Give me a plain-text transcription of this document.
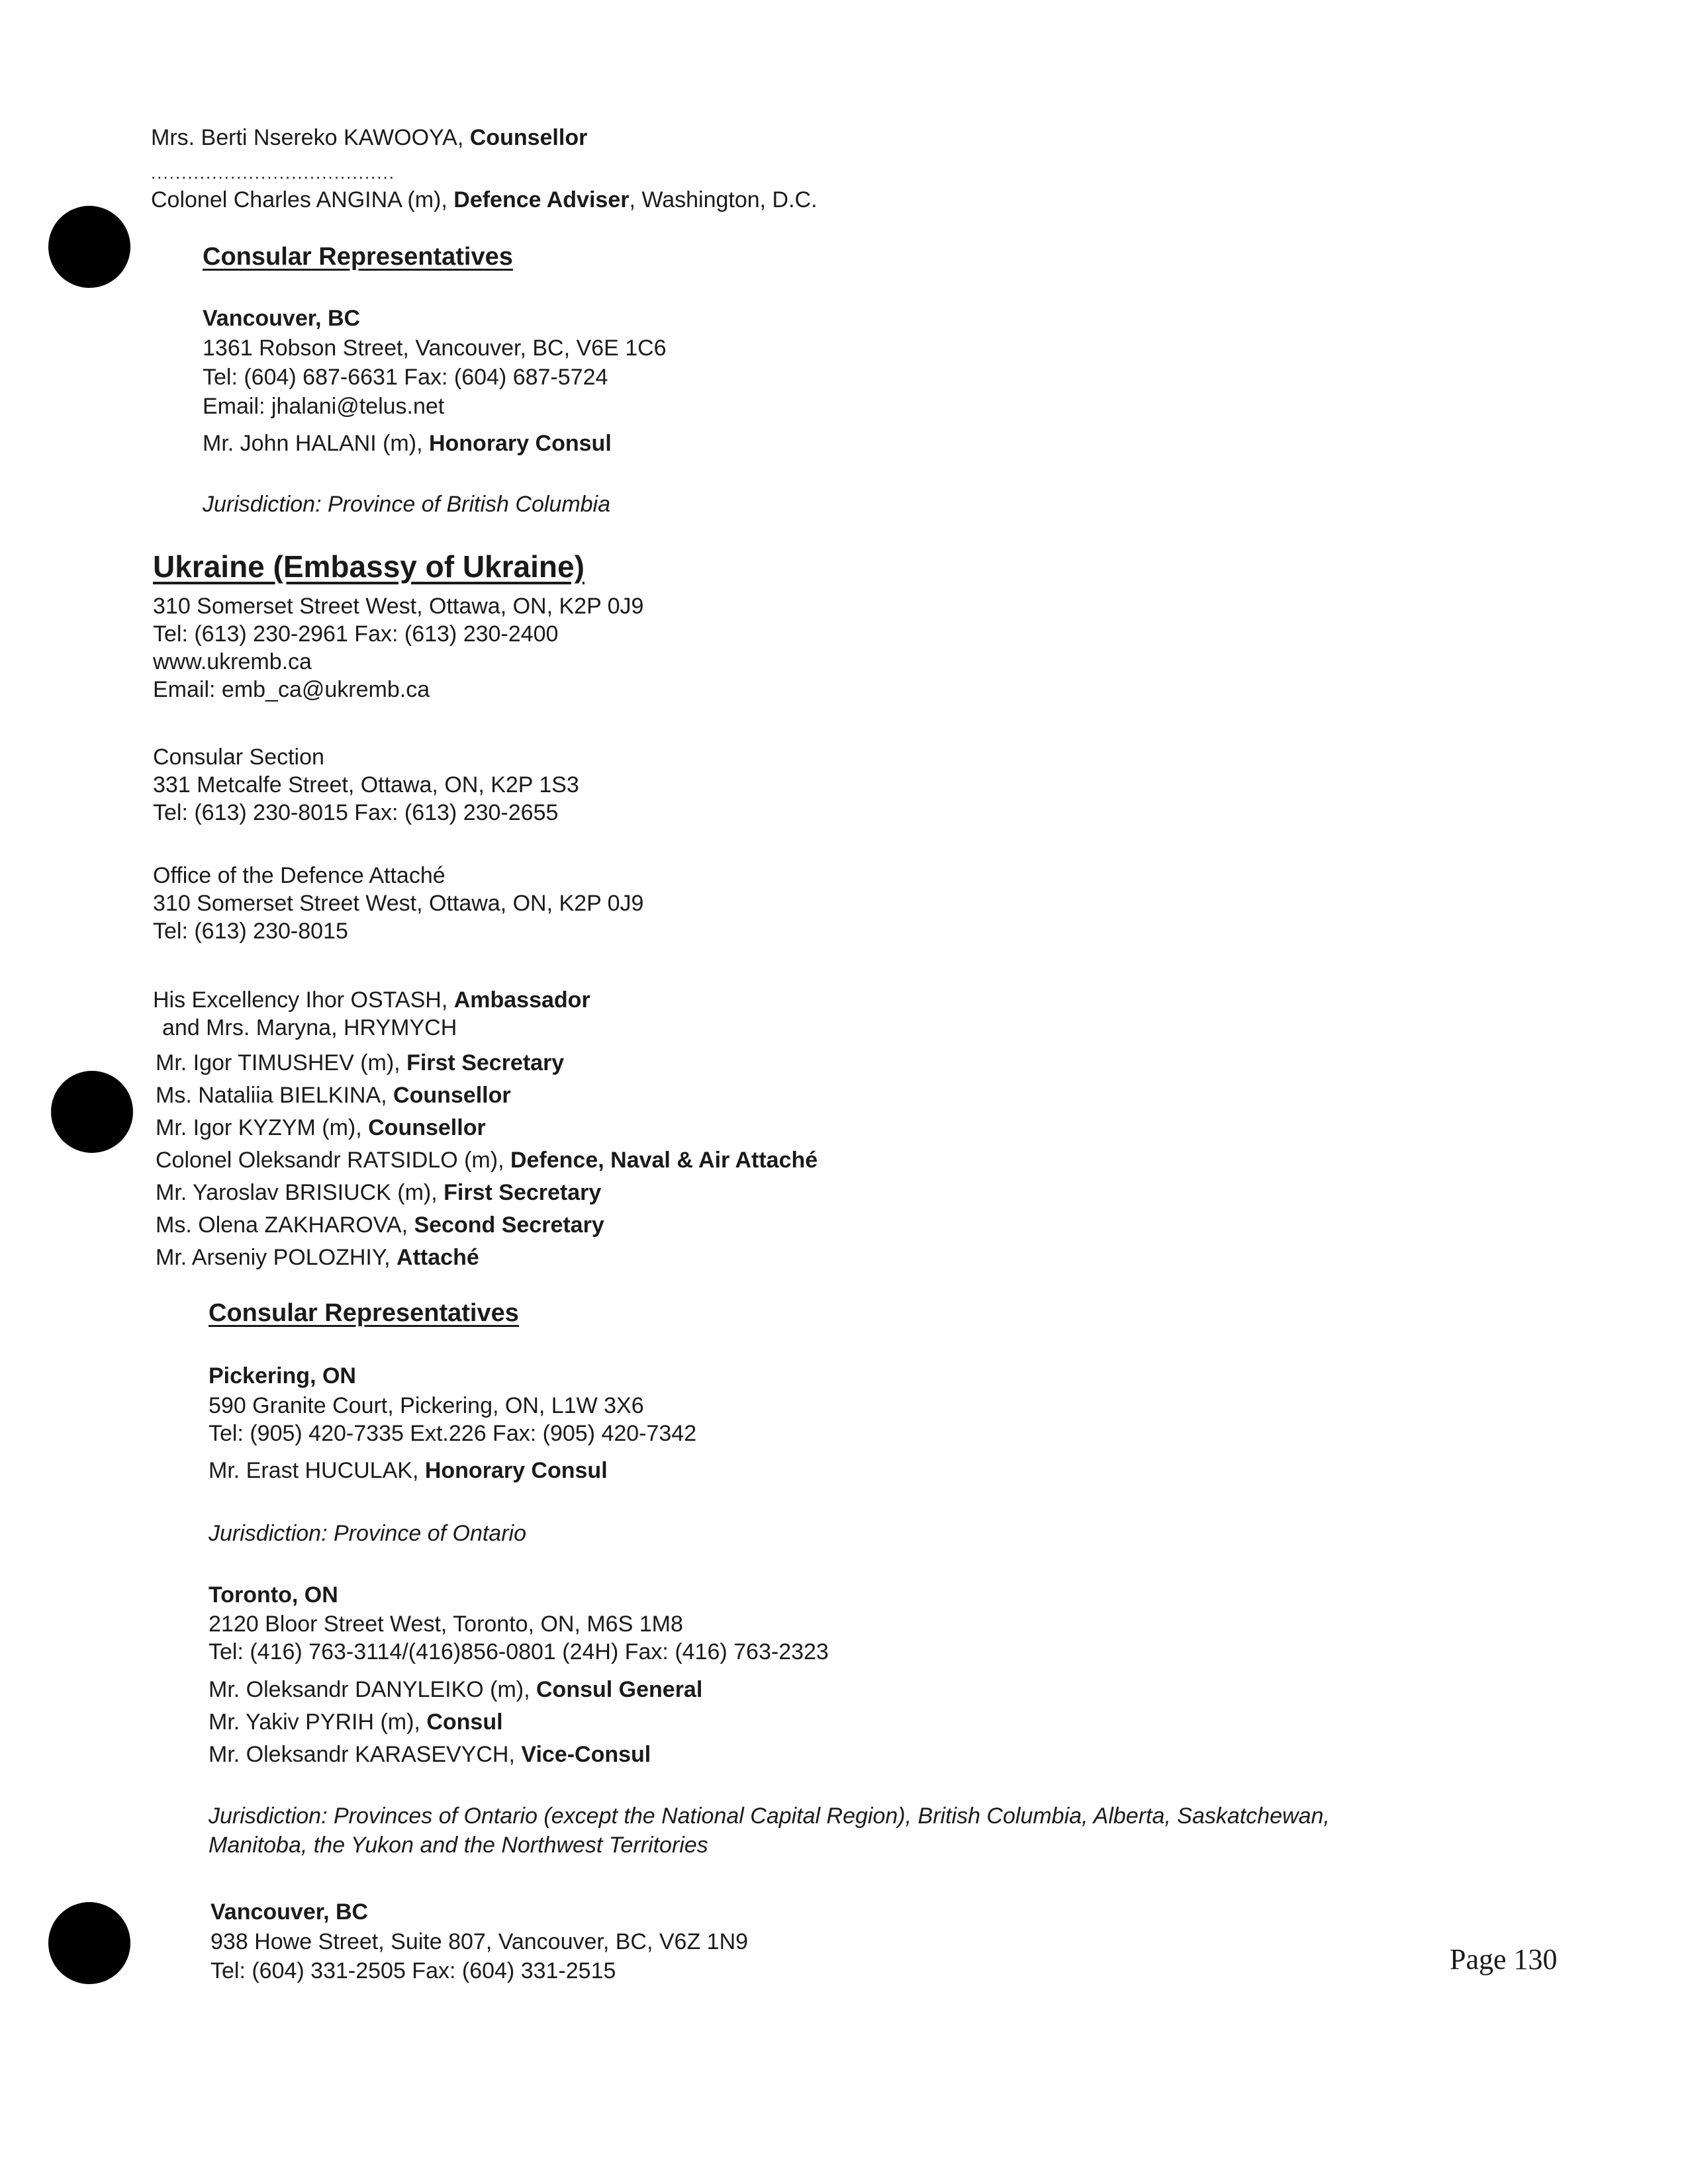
Mrs. Berti Nsereko KAWOOYA, Counsellor
........................................
Colonel Charles ANGINA (m), Defence Adviser, Washington, D.C.
Consular Representatives
Vancouver, BC
1361 Robson Street, Vancouver, BC, V6E 1C6
Tel: (604) 687-6631 Fax: (604) 687-5724
Email: jhalani@telus.net
Mr. John HALANI (m), Honorary Consul
Jurisdiction: Province of British Columbia
Ukraine (Embassy of Ukraine)
310 Somerset Street West, Ottawa, ON, K2P 0J9
Tel: (613) 230-2961 Fax: (613) 230-2400
www.ukremb.ca
Email: emb_ca@ukremb.ca
Consular Section
331 Metcalfe Street, Ottawa, ON, K2P 1S3
Tel: (613) 230-8015 Fax: (613) 230-2655
Office of the Defence Attaché
310 Somerset Street West, Ottawa, ON, K2P 0J9
Tel: (613) 230-8015
His Excellency Ihor OSTASH, Ambassador
and Mrs. Maryna, HRYMYCH
Mr. Igor TIMUSHEV (m), First Secretary
Ms. Nataliia BIELKINA, Counsellor
Mr. Igor KYZYM (m), Counsellor
Colonel Oleksandr RATSIDLO (m), Defence, Naval & Air Attaché
Mr. Yaroslav BRISIUCK (m), First Secretary
Ms. Olena ZAKHAROVA, Second Secretary
Mr. Arseniy POLOZHIY, Attaché
Consular Representatives
Pickering, ON
590 Granite Court, Pickering, ON, L1W 3X6
Tel: (905) 420-7335 Ext.226 Fax: (905) 420-7342
Mr. Erast HUCULAK, Honorary Consul
Jurisdiction: Province of Ontario
Toronto, ON
2120 Bloor Street West, Toronto, ON, M6S 1M8
Tel: (416) 763-3114/(416)856-0801 (24H) Fax: (416) 763-2323
Mr. Oleksandr DANYLEIKO (m), Consul General
Mr. Yakiv PYRIH (m), Consul
Mr. Oleksandr KARASEVYCH, Vice-Consul
Jurisdiction: Provinces of Ontario (except the National Capital Region), British Columbia, Alberta, Saskatchewan,
Manitoba, the Yukon and the Northwest Territories
Vancouver, BC
938 Howe Street, Suite 807, Vancouver, BC, V6Z 1N9
Tel: (604) 331-2505 Fax: (604) 331-2515	Page 130
